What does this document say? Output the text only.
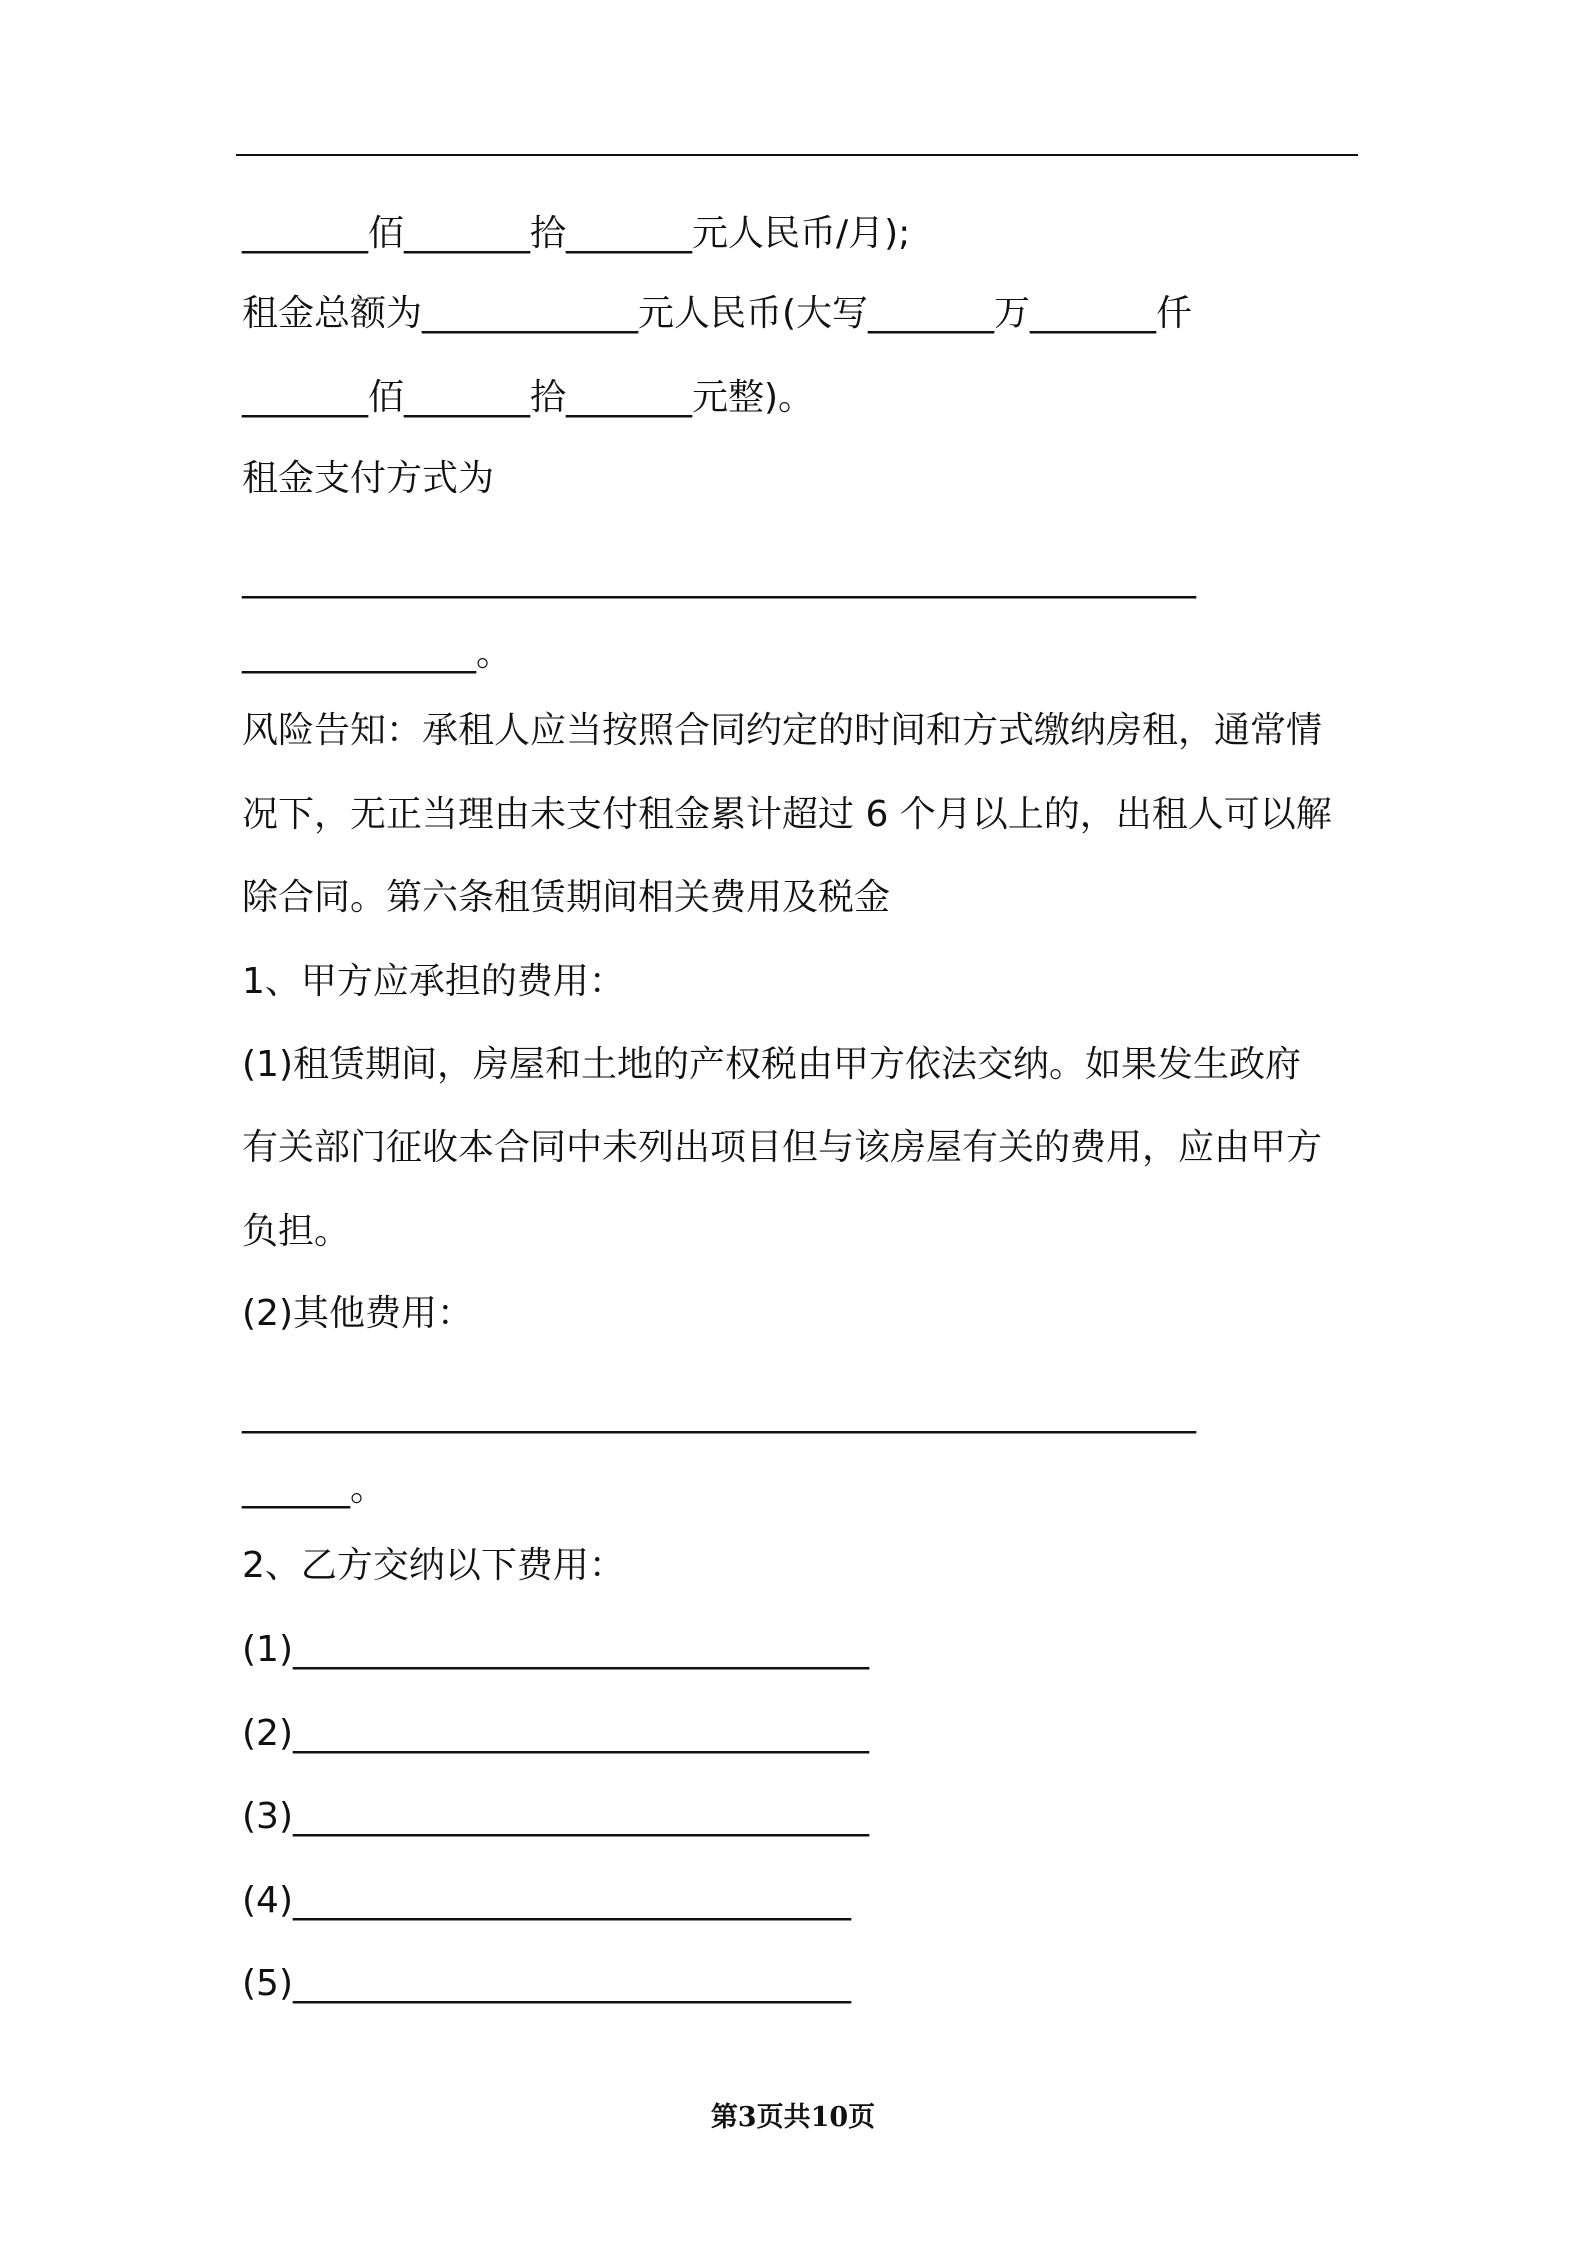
_______佰_______拾_______元人民币/月);

租金总额为____________元人民币(大写_______万_______仟

_______佰_______拾_______元整)。

租金支付方式为

_____________________________________________________

_____________。

风险告知：承租人应当按照合同约定的时间和方式缴纳房租，通常情

况下，无正当理由未支付租金累计超过 6 个月以上的，出租人可以解

除合同。第六条租赁期间相关费用及税金

1、甲方应承担的费用：

(1)租赁期间，房屋和土地的产权税由甲方依法交纳。如果发生政府

有关部门征收本合同中未列出项目但与该房屋有关的费用，应由甲方

负担。

(2)其他费用：

_____________________________________________________

______。

2、乙方交纳以下费用：

(1)________________________________

(2)________________________________

(3)________________________________

(4)_______________________________

(5)_______________________________

第3页共10页
